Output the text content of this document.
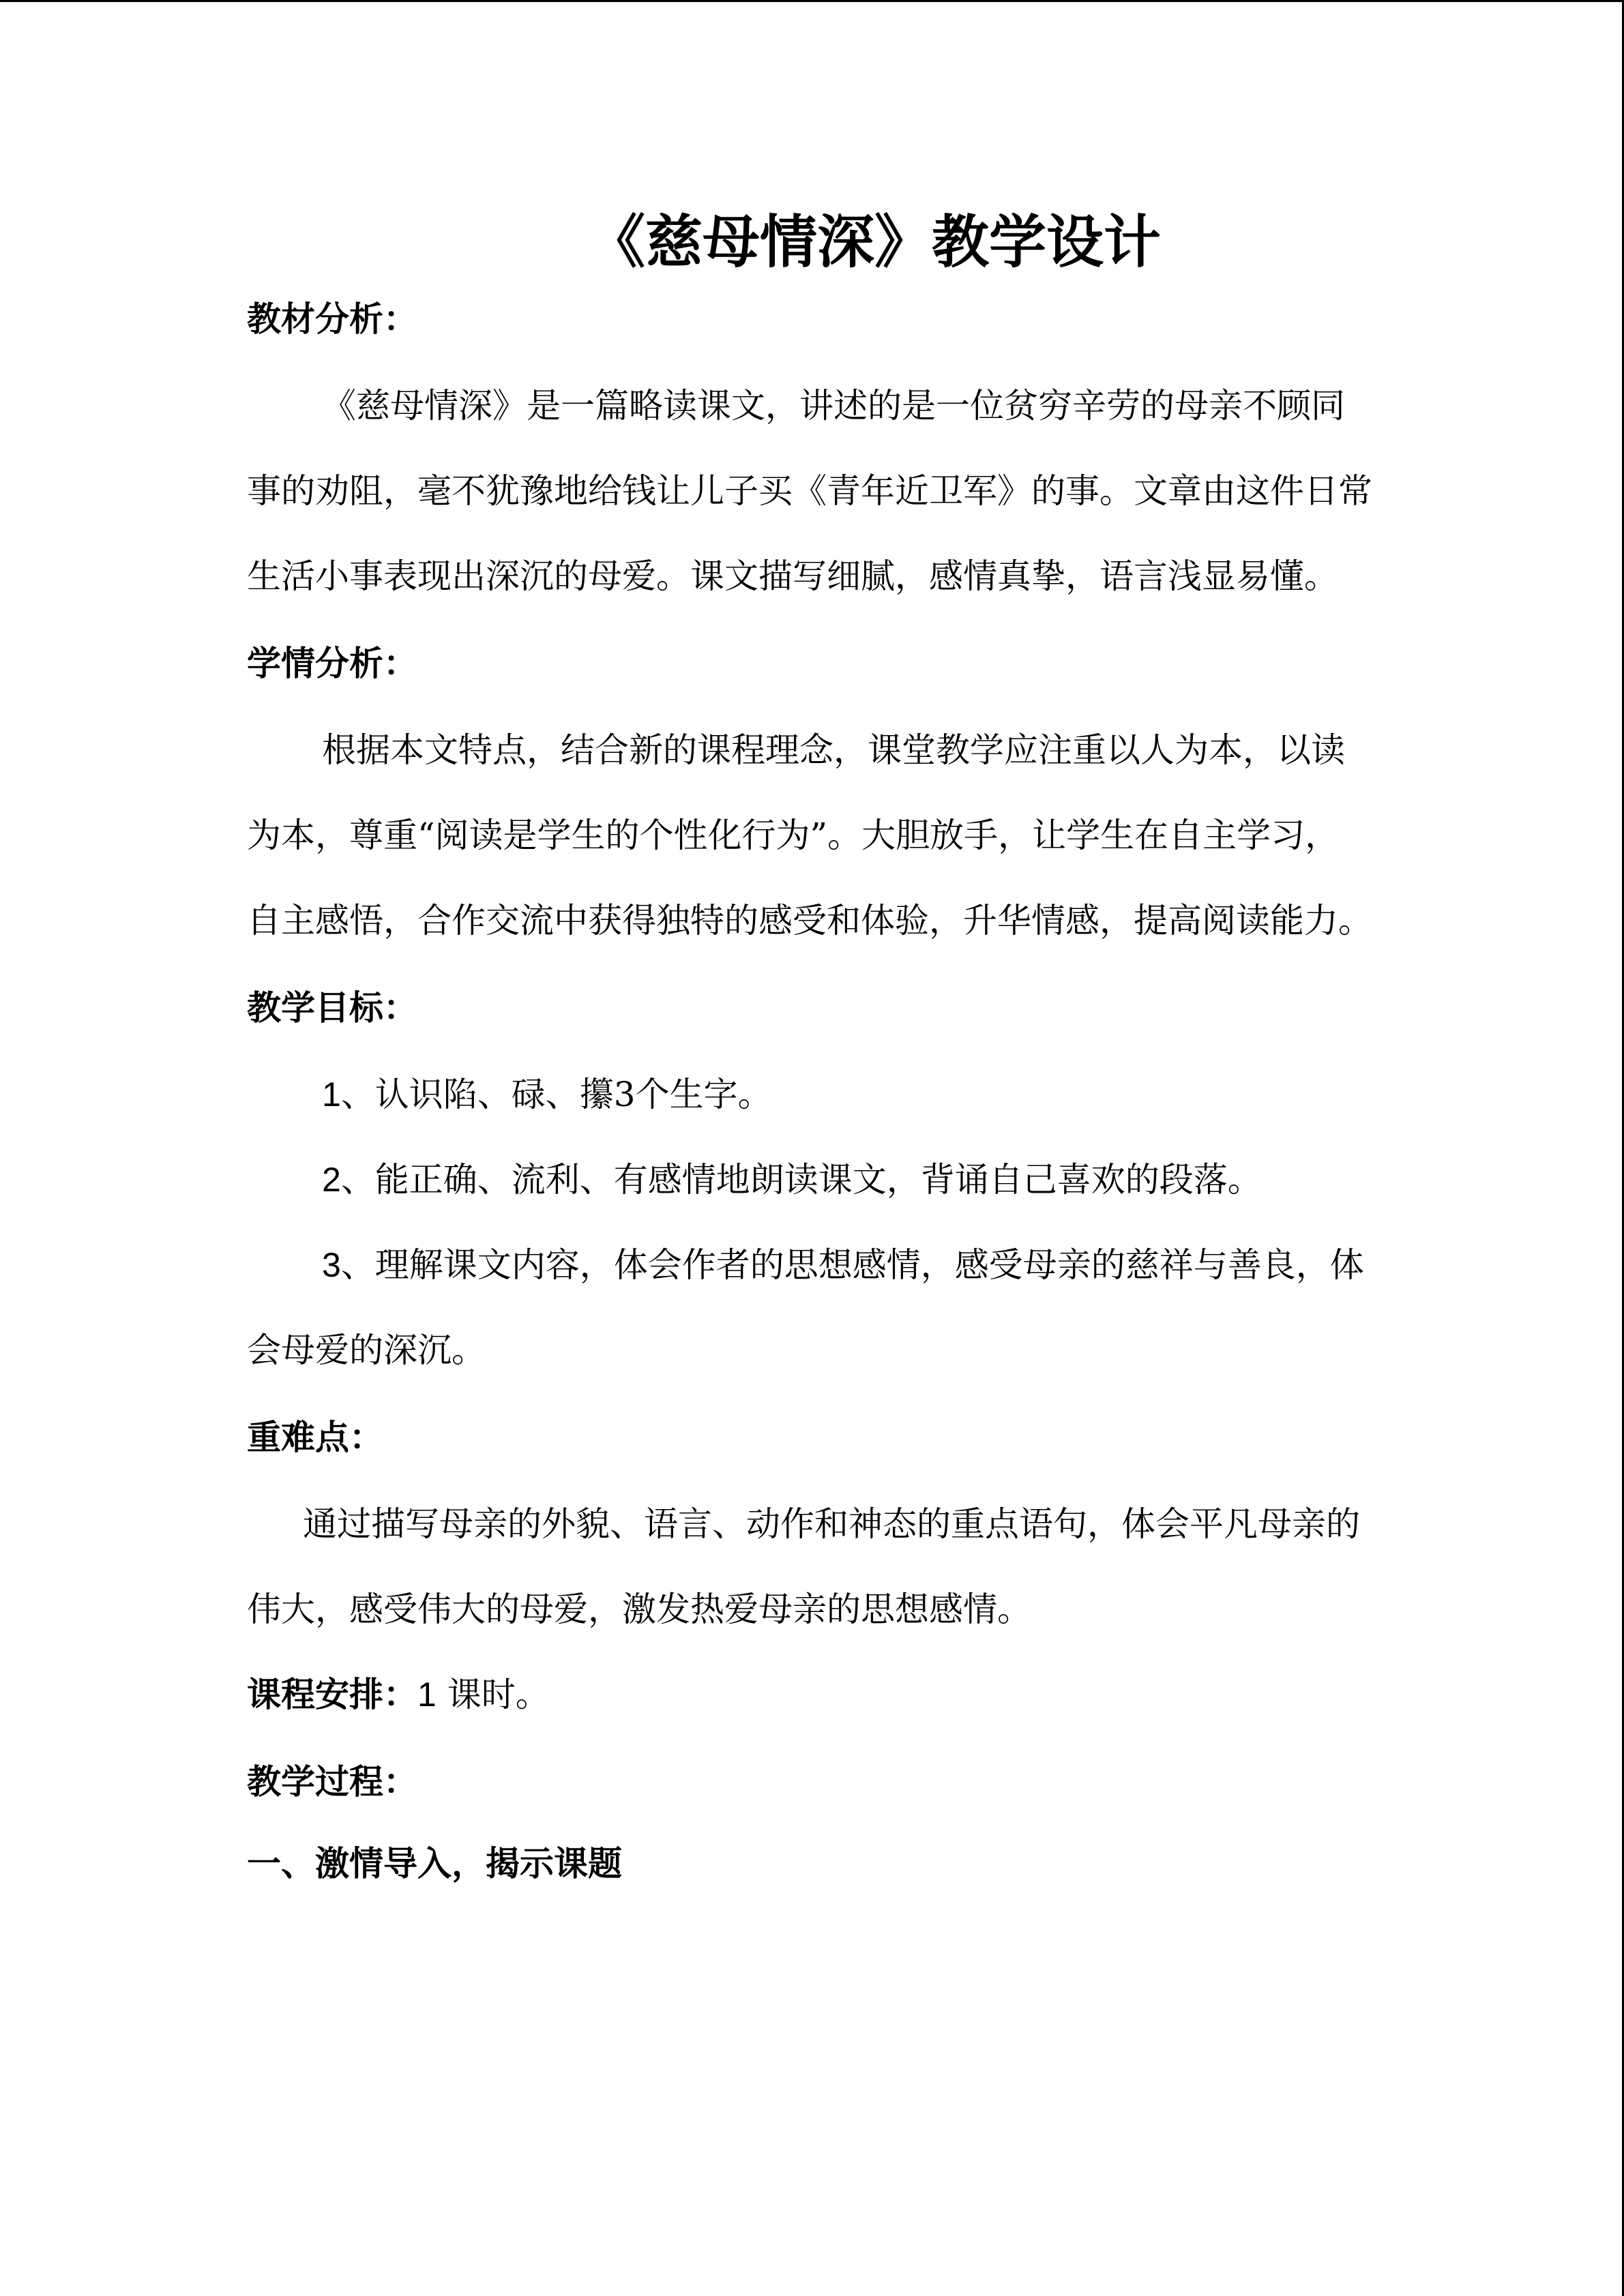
《慈母情深》教学设计
教材分析：

《慈母情深》是一篇略读课文，讲述的是一位贫穷辛劳的母亲不顾同事的劝阻，毫不犹豫地给钱让儿子买《青年近卫军》的事。文章由这件日常生活小事表现出深沉的母爱。课文描写细腻，感情真挚，语言浅显易懂。

学情分析：

根据本文特点，结合新的课程理念，课堂教学应注重以人为本，以读为本，尊重“阅读是学生的个性化行为”。大胆放手，让学生在自主学习，自主感悟，合作交流中获得独特的感受和体验，升华情感，提高阅读能力。

教学目标：

1、认识陷、碌、攥3个生字。

2、能正确、流利、有感情地朗读课文，背诵自己喜欢的段落。

3、理解课文内容，体会作者的思想感情，感受母亲的慈祥与善良，体会母爱的深沉。

重难点：

通过描写母亲的外貌、语言、动作和神态的重点语句，体会平凡母亲的伟大，感受伟大的母爱，激发热爱母亲的思想感情。

课程安排：1 课时。

教学过程：
一、激情导入，揭示课题
